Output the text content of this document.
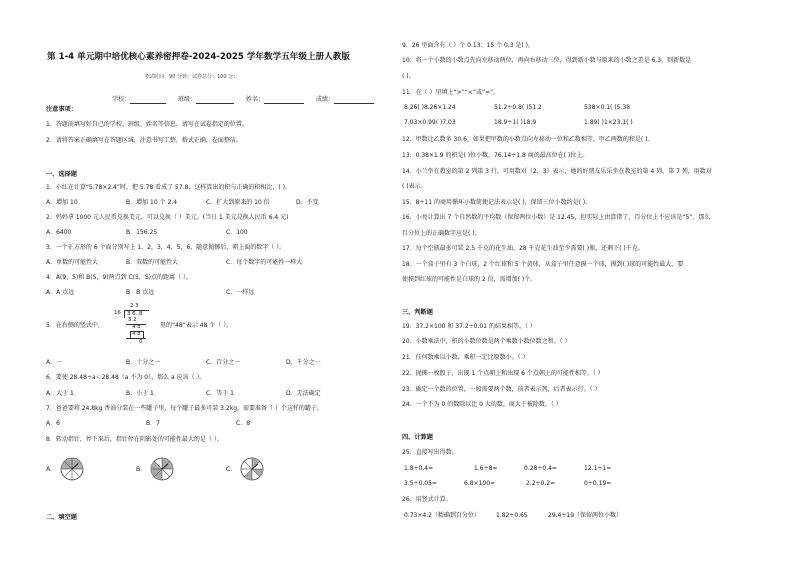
第 1-4 单元期中培优核心素养密押卷-2024-2025 学年数学五年级上册人教版
考试时间：90 分钟；试卷总分：100 分；
学校：	班级：	姓名：	成绩：
注意事项：
1．答题前填写好自己的学校、班级、姓名等信息，请写在试卷指定的位置。
2．请将答案正确填写在答题区域，注意书写工整，格式正确，卷面整洁。
一、选择题
1．小红在计算“5.78×2.4”时，把 5.78 看成了 57.8，这样算出的积与正确的积相比，( )。
A．增加 10	B．增加 10 个 2.4	C．扩大到原来的 10 倍	D．不变
2．妈妈拿 1000 元人民币兑换美元，可以兑换（ ）美元。(当日 1 美元兑换人民币 6.4 元)
A．6400	B．156.25	C．100
3．一个正方形的 6 个面分别写上 1，2，3，4，5，6，随意抛掷后，朝上面的数字（ ）。
A．单数的可能性大	B．双数的可能性大	C．每个数字的可能性一样大
4．A(9，5)和 B(5，9)两点到 C(5，5)点的距离（ ）。
A．A 点远	B．B 点远	C．一样远
5．在右侧的竖式中，	里的“48”表示 48 个（ ）。
2 3
16	3 6. 8
3 2
4 8
4 8
0
A．一	B．十分之一	C．百分之一	D．千分之一
6．要使 28.48÷a＜28.48（a 不为 0），那么 a 应该（ ）。
A．大于 1	B．小于 1	C．等于 1	D．无法确定
7．爸爸要将 24.8kg 香油分装在一些罐子里，每个罐子最多可装 3.2kg，需要准备（ ）个这样的罐子。
A．6	B．7	C．8
8．转动指针，停下来后，指针停在阴影处的可能性最大的是（ ）。
A．	B．	C．
二、填空题
9．26 里面含有（ ）个 0.13；15 个 0.3 是( )。
10．将一个小数的小数点先向左移动两位，再向右移动三位，得到新小数与原来的小数之差是 6.3，则新数是
( )。
11．在（ ）里填上“>”“<”或“=”。
8.26( )8.26×1.24	51.2÷0.8( )51.2	538×0.1( )5.38
7.03×0.99( )7.03	18.9÷1( )18.9	1.89( )1×23.1( )
12．甲数比乙数多 30.6，如果把甲数的小数点向左移动一位和乙数相等，甲乙两数的和是( )。
13．0.38×1.9 的积是( )位小数，76.14÷1.8 商的最高位在( )位上。
14．小兰坐在教室的第 2 列第 3 行，可用数对（2，3）表示，她的好朋友乐乐坐在教室的第 4 列、第 7 列，用数对
( )表示。
15．8÷11 的商用循环小数简便记法表示是( )，保留三位小数约是( )。
16．小亮计算出 7 个自然数的平均数（保留两位小数）是 12.45，但实际上由算错了，百分位上不应该是“5”。那么
百分位上的正确数字应是( )。
17．每个空瓶最多可装 2.5 千克的花生油，28 千克花生油至少需要( )瓶，还剩下( )千克。
18．一个盒子里有 3 个白球，2 个红球和 5 个黄球，从盒子里任意摸一个球，摸到( )球的可能性最大，要
使摸到红球的可能性是白球的 2 倍，需增加( )个。
三、判断题
19．37.2×100 和 37.2÷0.01 的结果相等。（ ）
20．小数乘法中，积的小数位数是两个乘数小数位数之和。（ ）
21．任何数乘以小数，乘积一定比原数小。（ ）
22．抛掷一枚骰子，出现 1 个点朝上和出现 6 个点朝上的可能性相等。（ ）
23．确定一个数的位置，一般需要两个数，前者表示列，后者表示行。（ ）
24．一个不为 0 的数除以比 0 大的数，商大于被除数。（ ）
四、计算题
25．直接写出得数。
1.8÷0.4=	1.6÷8=	0.28÷0.4=	12.1÷1=
3.5÷0.05=	6.8×100=	2.2÷0.2=	0÷0.19=
26．用竖式计算。
0.73×4.2（精确到百分位）	1.82÷0.65	29.4÷19（保留两位小数）
